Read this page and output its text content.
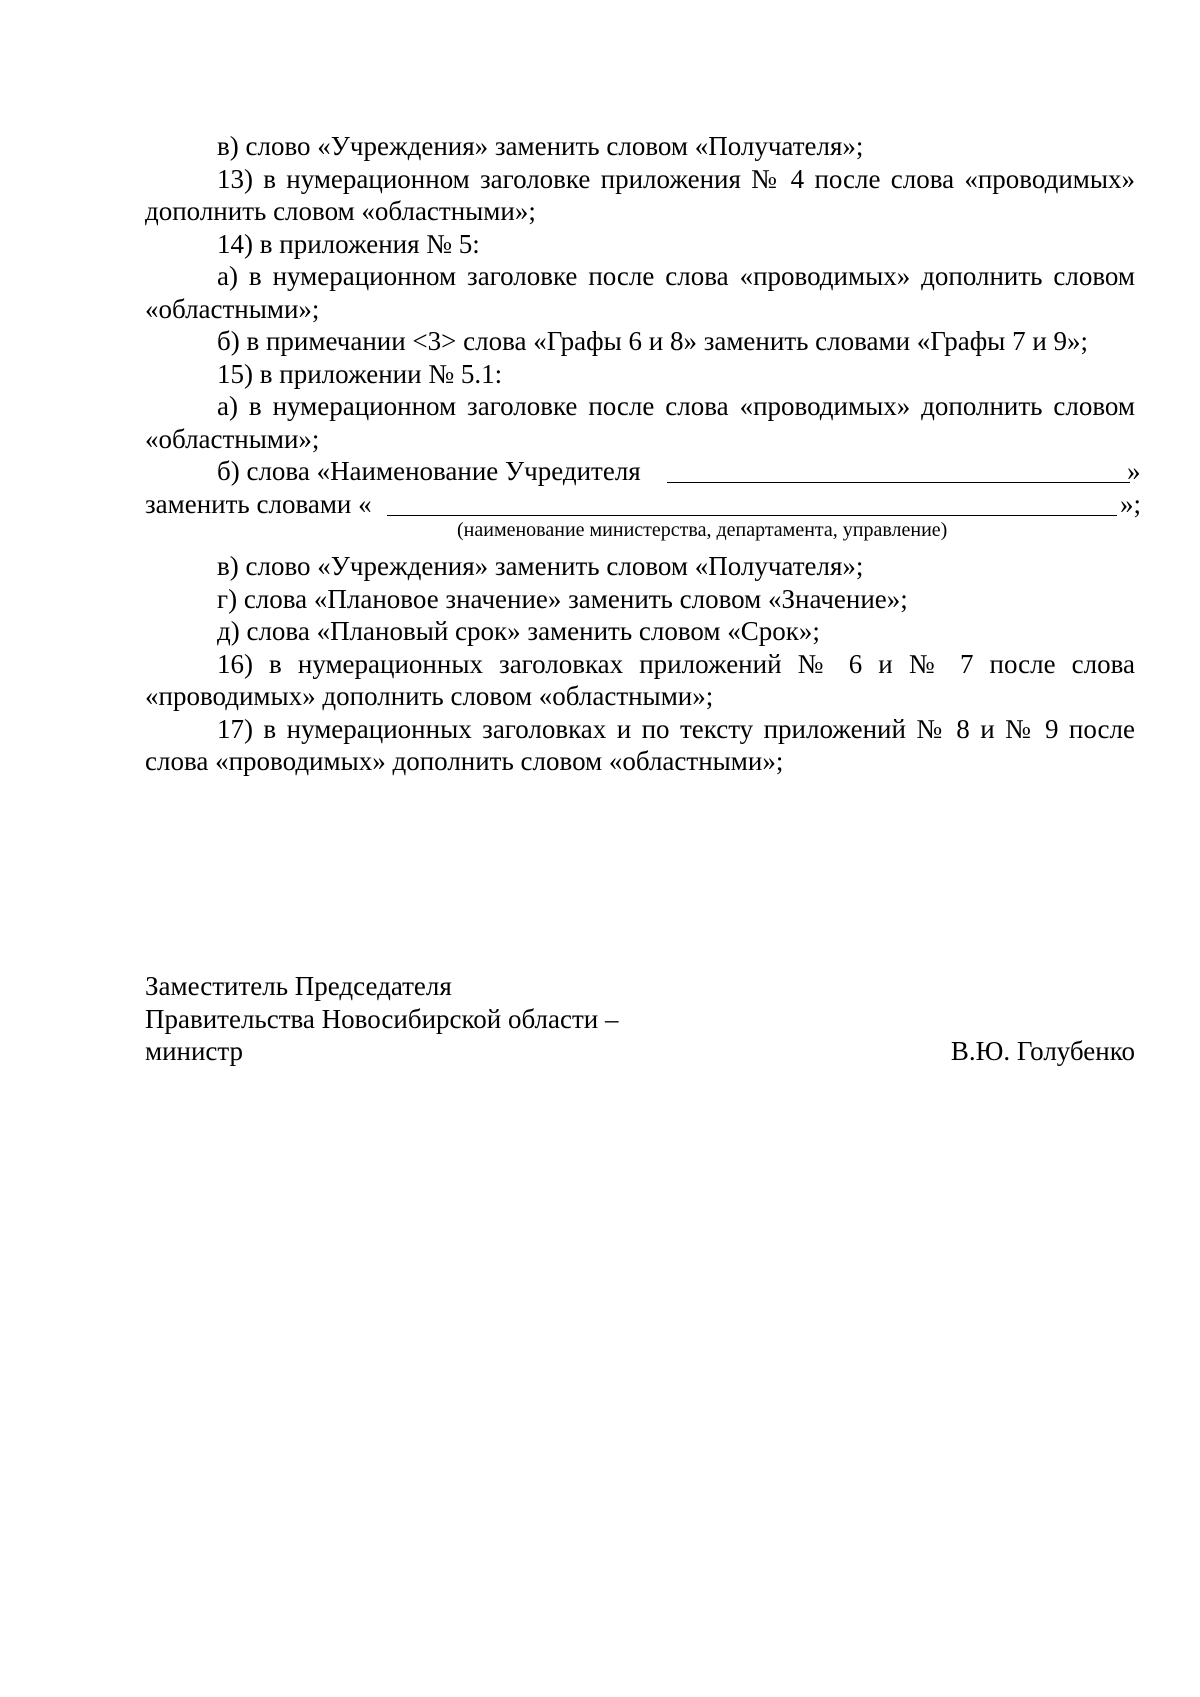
в) слово «Учреждения» заменить словом «Получателя»;

13) в нумерационном заголовке приложения № 4 после слова «проводимых» дополнить словом «областными»;

14) в приложения № 5:

а) в нумерационном заголовке после слова «проводимых» дополнить словом «областными»;

б) в примечании <3> слова «Графы 6 и 8» заменить словами «Графы 7 и 9»;

15) в приложении № 5.1:

а) в нумерационном заголовке после слова «проводимых» дополнить словом «областными»;

б) слова «Наименование Учредителя	»
заменить словами «	»;
(наименование министерства, департамента, управление)

в) слово «Учреждения» заменить словом «Получателя»;

г) слова «Плановое значение» заменить словом «Значение»;

д) слова «Плановый срок» заменить словом «Срок»;

16) в нумерационных заголовках приложений № 6 и № 7 после слова «проводимых» дополнить словом «областными»;

17) в нумерационных заголовках и по тексту приложений № 8 и № 9 после слова «проводимых» дополнить словом «областными»;

Заместитель Председателя
Правительства Новосибирской области –
министр	В.Ю. Голубенко
